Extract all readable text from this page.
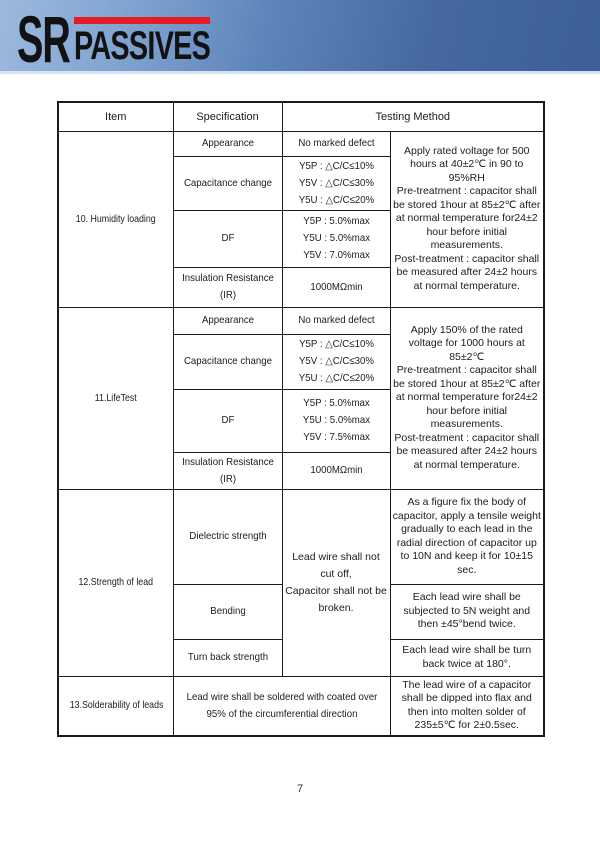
SR PASSIVES
Item	Specification	Testing Method	

10. Humidity loading	Appearance	No marked defect	Apply rated voltage for 500 hours at 40±2℃ in 90 to 95%RH
Pre-treatment : capacitor shall be stored 1hour at 85±2℃ after at normal temperature for24±2 hour before initial measurements.
Post-treatment : capacitor shall be measured after 24±2 hours at normal temperature.

	Capacitance change	Y5P : △C/C≤10%
Y5V : △C/C≤30%
Y5U : △C/C≤20%	

	DF	Y5P : 5.0%max
Y5U : 5.0%max
Y5V : 7.0%max	

	Insulation Resistance
(IR)	1000MΩmin	

11.LifeTest	Appearance	No marked defect	Apply 150% of the rated voltage for 1000 hours at 85±2℃
Pre-treatment : capacitor shall be stored 1hour at 85±2℃ after at normal temperature for24±2 hour before initial measurements.
Post-treatment : capacitor shall be measured after 24±2 hours at normal temperature.

	Capacitance change	Y5P : △C/C≤10%
Y5V : △C/C≤30%
Y5U : △C/C≤20%	

	DF	Y5P : 5.0%max
Y5U : 5.0%max
Y5V : 7.5%max	

	Insulation Resistance
(IR)	1000MΩmin	

12.Strength of lead	Dielectric strength	Lead wire shall not cut off,
Capacitor shall not be broken.	As a figure fix the body of capacitor, apply a tensile weight gradually to each lead in the radial direction of capacitor up to 10N and keep it for 10±15 sec.

	Bending		Each lead wire shall be subjected to 5N weight and then ±45°bend twice.

	Turn back strength		Each lead wire shall be turn back twice at 180°.

13.Solderability of leads	Lead wire shall be soldered with coated over
95% of the circumferential direction		The lead wire of a capacitor shall be dipped into flax and then into molten solder of 235±5℃ for 2±0.5sec.
7
